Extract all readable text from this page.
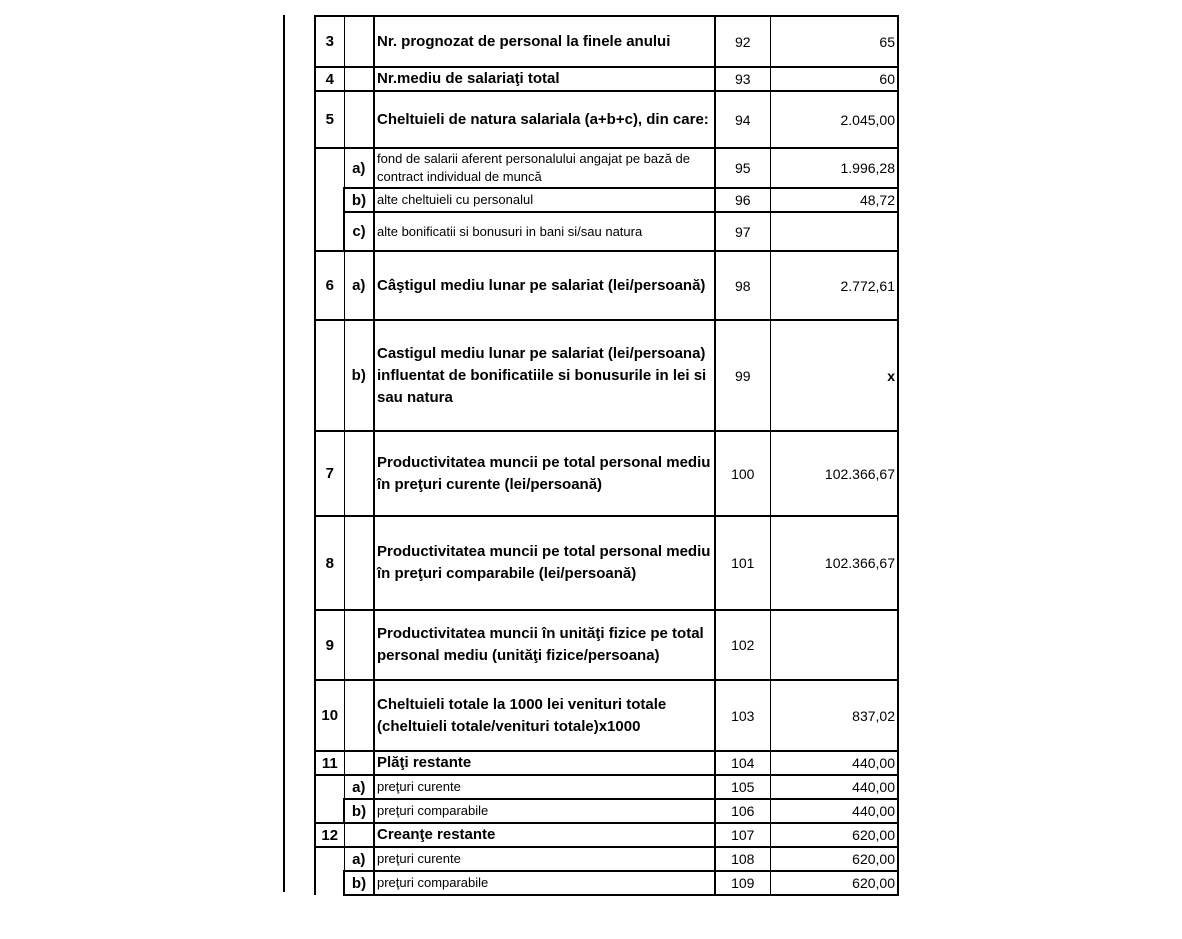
3		Nr. prognozat de personal la finele anului	92	65
4		Nr.mediu de salariaţi total	93	60
5		Cheltuieli de natura salariala (a+b+c), din care:	94	2.045,00
	a)	fond de salarii aferent personalului angajat pe bază de contract individual de muncă	95	1.996,28
	b)	alte cheltuieli cu personalul	96	48,72
	c)	alte bonificatii si bonusuri in bani si/sau natura	97	
6	a)	Câştigul mediu lunar pe salariat (lei/persoană)	98	2.772,61
	b)	Castigul mediu lunar pe salariat (lei/persoana) influentat de bonificatiile si bonusurile in lei si sau natura	99	x
7		Productivitatea muncii pe total personal mediu în preţuri curente (lei/persoană)	100	102.366,67
8		Productivitatea muncii pe total personal mediu în preţuri comparabile (lei/persoană)	101	102.366,67
9		Productivitatea muncii în unităţi fizice pe total personal mediu (unităţi fizice/persoana)	102	
10		Cheltuieli totale la 1000 lei venituri totale (cheltuieli totale/venituri totale)x1000	103	837,02
11		Plăţi restante	104	440,00
	a)	preţuri curente	105	440,00
	b)	preţuri comparabile	106	440,00
12		Creanţe restante	107	620,00
	a)	preţuri curente	108	620,00
	b)	preţuri comparabile	109	620,00
